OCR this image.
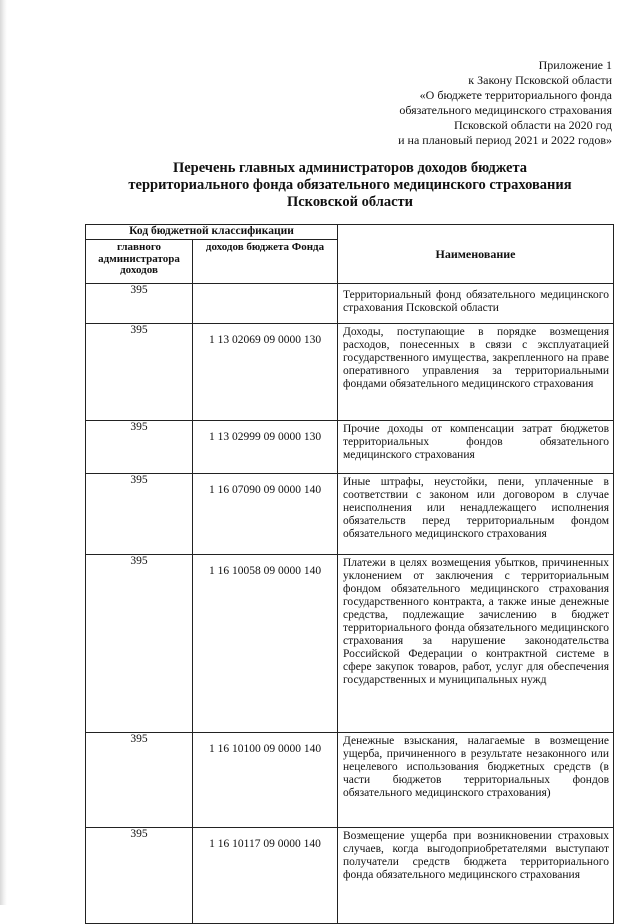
Приложение 1
к Закону Псковской области
«О бюджете территориального фонда
обязательного медицинского страхования
Псковской области на 2020 год
и на плановый период 2021 и 2022 годов»
Перечень главных администраторов доходов бюджета
территориального фонда обязательного медицинского страхования
Псковской области
Код бюджетной классификации		Наименование
главного администратора доходов	доходов бюджета Фонда	
395		Территориальный фонд обязательного медицинского страхования Псковской области
395	1 13 02069 09 0000 130	Доходы, поступающие в порядке возмещения расходов, понесенных в связи с эксплуатацией государственного имущества, закрепленного на праве оперативного управления за территориальными фондами обязательного медицинского страхования
395	1 13 02999 09 0000 130	Прочие доходы от компенсации затрат бюджетов территориальных фондов обязательного медицинского страхования
395	1 16 07090 09 0000 140	Иные штрафы, неустойки, пени, уплаченные в соответствии с законом или договором в случае неисполнения или ненадлежащего исполнения обязательств перед территориальным фондом обязательного медицинского страхования
395	1 16 10058 09 0000 140	Платежи в целях возмещения убытков, причиненных уклонением от заключения с территориальным фондом обязательного медицинского страхования государственного контракта, а также иные денежные средства, подлежащие зачислению в бюджет территориального фонда обязательного медицинского страхования за нарушение законодательства Российской Федерации о контрактной системе в сфере закупок товаров, работ, услуг для обеспечения государственных и муниципальных нужд
395	1 16 10100 09 0000 140	Денежные взыскания, налагаемые в возмещение ущерба, причиненного в результате незаконного или нецелевого использования бюджетных средств (в части бюджетов территориальных фондов обязательного медицинского страхования)
395	1 16 10117 09 0000 140	Возмещение ущерба при возникновении страховых случаев, когда выгодоприобретателями выступают получатели средств бюджета территориального фонда обязательного медицинского страхования
